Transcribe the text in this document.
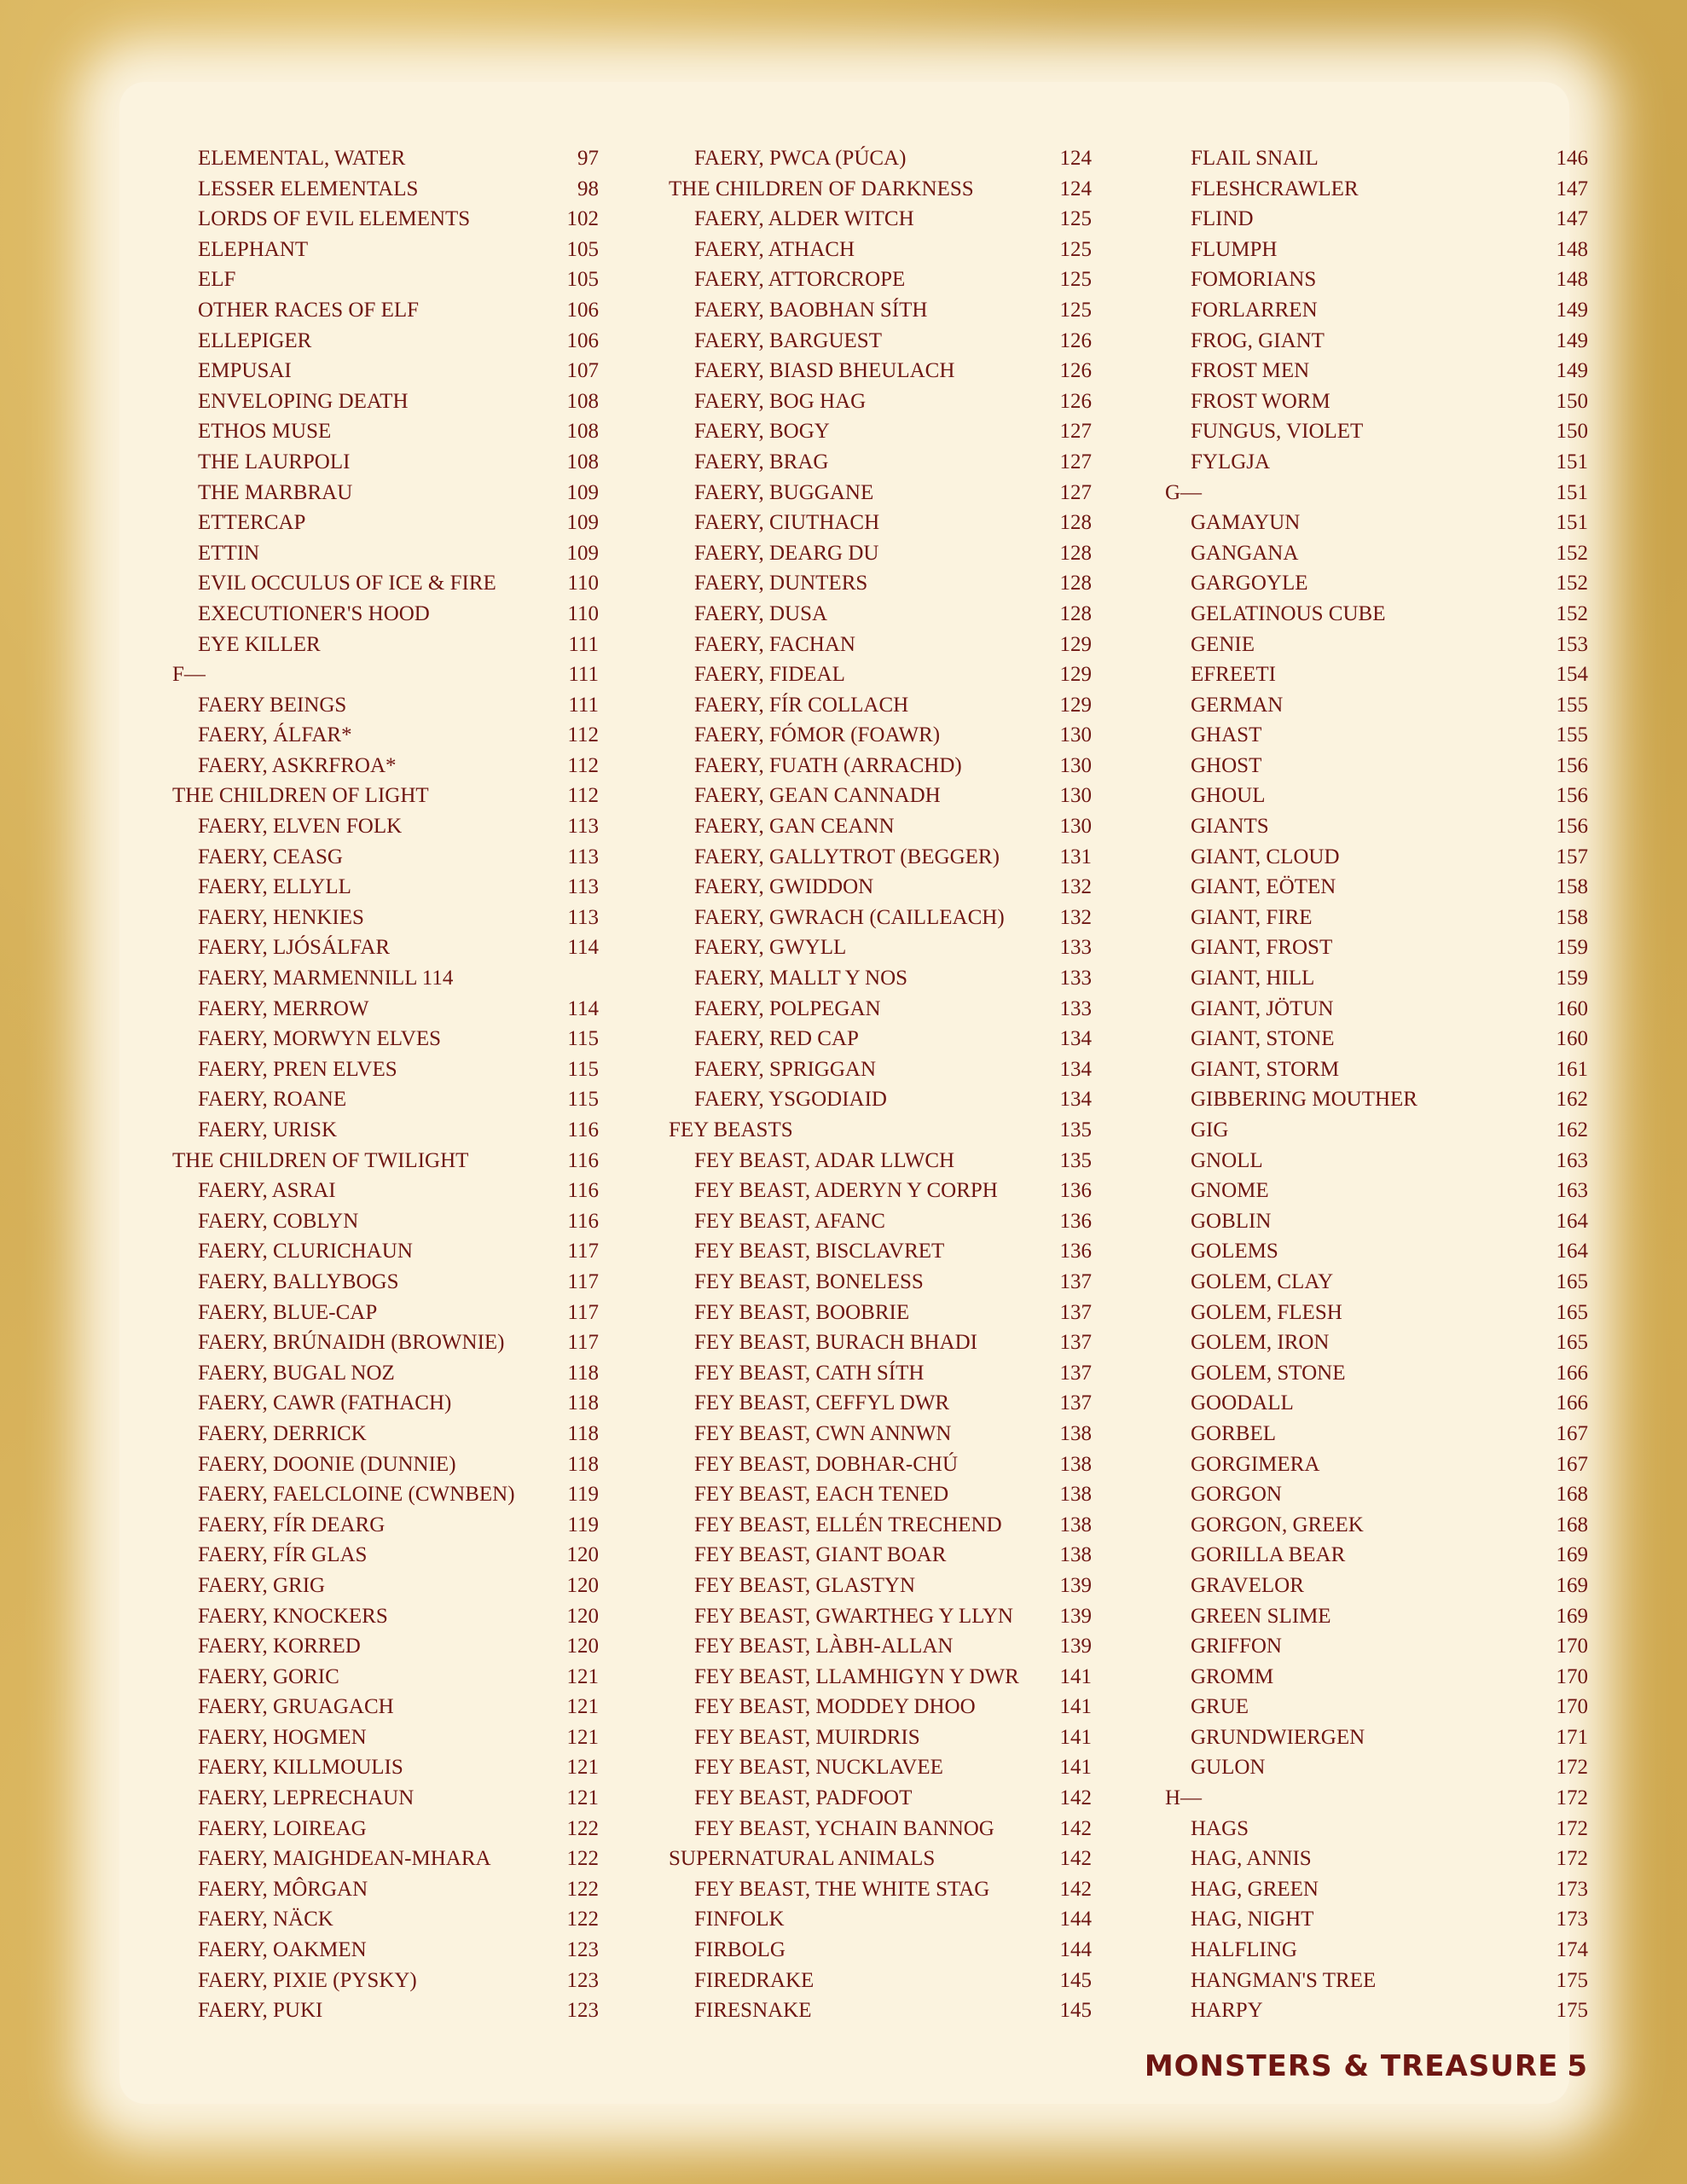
ELEMENTAL, WATER	97
LESSER ELEMENTALS	98
LORDS OF EVIL ELEMENTS	102
ELEPHANT	105
ELF	105
OTHER RACES OF ELF	106
ELLEPIGER	106
EMPUSAI	107
ENVELOPING DEATH	108
ETHOS MUSE	108
THE LAURPOLI	108
THE MARBRAU	109
ETTERCAP	109
ETTIN	109
EVIL OCCULUS OF ICE & FIRE	110
EXECUTIONER'S HOOD	110
EYE KILLER	111
F—	111
FAERY BEINGS	111
FAERY, ÁLFAR*	112
FAERY, ASKRFROA*	112
THE CHILDREN OF LIGHT	112
FAERY, ELVEN FOLK	113
FAERY, CEASG	113
FAERY, ELLYLL	113
FAERY, HENKIES	113
FAERY, LJÓSÁLFAR	114
FAERY, MARMENNILL 114
FAERY, MERROW	114
FAERY, MORWYN ELVES	115
FAERY, PREN ELVES	115
FAERY, ROANE	115
FAERY, URISK	116
THE CHILDREN OF TWILIGHT	116
FAERY, ASRAI	116
FAERY, COBLYN	116
FAERY, CLURICHAUN	117
FAERY, BALLYBOGS	117
FAERY, BLUE-CAP	117
FAERY, BRÚNAIDH (BROWNIE)	117
FAERY, BUGAL NOZ	118
FAERY, CAWR (FATHACH)	118
FAERY, DERRICK	118
FAERY, DOONIE (DUNNIE)	118
FAERY, FAELCLOINE (CWNBEN) 119
FAERY, FÍR DEARG	119
FAERY, FÍR GLAS	120
FAERY, GRIG	120
FAERY, KNOCKERS	120
FAERY, KORRED	120
FAERY, GORIC	121
FAERY, GRUAGACH	121
FAERY, HOGMEN	121
FAERY, KILLMOULIS	121
FAERY, LEPRECHAUN	121
FAERY, LOIREAG	122
FAERY, MAIGHDEAN-MHARA	122
FAERY, MÔRGAN	122
FAERY, NÄCK	122
FAERY, OAKMEN	123
FAERY, PIXIE (PYSKY)	123
FAERY, PUKI	123
FAERY, PWCA (PÚCA)	124
THE CHILDREN OF DARKNESS	124
FAERY, ALDER WITCH	125
FAERY, ATHACH	125
FAERY, ATTORCROPE	125
FAERY, BAOBHAN SÍTH	125
FAERY, BARGUEST	126
FAERY, BIASD BHEULACH	126
FAERY, BOG HAG	126
FAERY, BOGY	127
FAERY, BRAG	127
FAERY, BUGGANE	127
FAERY, CIUTHACH	128
FAERY, DEARG DU	128
FAERY, DUNTERS	128
FAERY, DUSA	128
FAERY, FACHAN	129
FAERY, FIDEAL	129
FAERY, FÍR COLLACH	129
FAERY, FÓMOR (FOAWR)	130
FAERY, FUATH (ARRACHD)	130
FAERY, GEAN CANNADH	130
FAERY, GAN CEANN	130
FAERY, GALLYTROT (BEGGER)	131
FAERY, GWIDDON	132
FAERY, GWRACH (CAILLEACH)	132
FAERY, GWYLL	133
FAERY, MALLT Y NOS	133
FAERY, POLPEGAN	133
FAERY, RED CAP	134
FAERY, SPRIGGAN	134
FAERY, YSGODIAID	134
FEY BEASTS	135
FEY BEAST, ADAR LLWCH	135
FEY BEAST, ADERYN Y CORPH	136
FEY BEAST, AFANC	136
FEY BEAST, BISCLAVRET	136
FEY BEAST, BONELESS	137
FEY BEAST, BOOBRIE	137
FEY BEAST, BURACH BHADI	137
FEY BEAST, CATH SÍTH	137
FEY BEAST, CEFFYL DWR	137
FEY BEAST, CWN ANNWN	138
FEY BEAST, DOBHAR-CHÚ	138
FEY BEAST, EACH TENED	138
FEY BEAST, ELLÉN TRECHEND	138
FEY BEAST, GIANT BOAR	138
FEY BEAST, GLASTYN	139
FEY BEAST, GWARTHEG Y LLYN 139
FEY BEAST, LÀBH-ALLAN	139
FEY BEAST, LLAMHIGYN Y DWR 141
FEY BEAST, MODDEY DHOO	141
FEY BEAST, MUIRDRIS	141
FEY BEAST, NUCKLAVEE	141
FEY BEAST, PADFOOT	142
FEY BEAST, YCHAIN BANNOG	142
SUPERNATURAL ANIMALS	142
FEY BEAST, THE WHITE STAG	142
FINFOLK	144
FIRBOLG	144
FIREDRAKE	145
FIRESNAKE	145
FLAIL SNAIL	146
FLESHCRAWLER	147
FLIND	147
FLUMPH	148
FOMORIANS	148
FORLARREN	149
FROG, GIANT	149
FROST MEN	149
FROST WORM	150
FUNGUS, VIOLET	150
FYLGJA	151
G—	151
GAMAYUN	151
GANGANA	152
GARGOYLE	152
GELATINOUS CUBE	152
GENIE	153
EFREETI	154
GERMAN	155
GHAST	155
GHOST	156
GHOUL	156
GIANTS	156
GIANT, CLOUD	157
GIANT, EÖTEN	158
GIANT, FIRE	158
GIANT, FROST	159
GIANT, HILL	159
GIANT, JÖTUN	160
GIANT, STONE	160
GIANT, STORM	161
GIBBERING MOUTHER	162
GIG	162
GNOLL	163
GNOME	163
GOBLIN	164
GOLEMS	164
GOLEM, CLAY	165
GOLEM, FLESH	165
GOLEM, IRON	165
GOLEM, STONE	166
GOODALL	166
GORBEL	167
GORGIMERA	167
GORGON	168
GORGON, GREEK	168
GORILLA BEAR	169
GRAVELOR	169
GREEN SLIME	169
GRIFFON	170
GROMM	170
GRUE	170
GRUNDWIERGEN	171
GULON	172
H—	172
HAGS	172
HAG, ANNIS	172
HAG, GREEN	173
HAG, NIGHT	173
HALFLING	174
HANGMAN'S TREE	175
HARPY	175
MONSTERS & TREASURE 5
